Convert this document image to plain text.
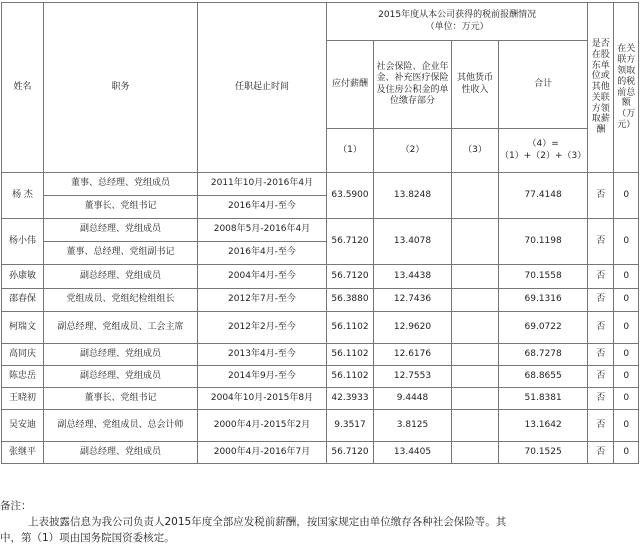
姓名	职务	任职起止时间	2015年度从本公司获得的税前报酬情况
（单位：万元）				是否在股东单位或其他关联方领取薪酬	在关联方领取的税前总额（万元）
			应付薪酬	社会保险、企业年金、补充医疗保险及住房公积金的单位缴存部分	其他货币性收入	合计		
			（1）	（2）	（3）	（4）=（1）+（2）+（3）		
杨 杰	董事、总经理、党组成员	2011年10月-2016年4月	63.5900	13.8248		77.4148	否	0
	董事长、党组书记	2016年4月-至今						
杨小伟	副总经理、党组成员	2008年5月-2016年4月	56.7120	13.4078		70.1198	否	0
	董事、总经理、党组副书记	2016年4月-至今						
孙康敏	副总经理、党组成员	2004年4月-至今	56.7120	13.4438		70.1558	否	0
邵春保	党组成员、党组纪检组组长	2012年7月-至今	56.3880	12.7436		69.1316	否	0
柯瑞文	副总经理、党组成员、工会主席	2012年2月-至今	56.1102	12.9620		69.0722	否	0
高同庆	副总经理、党组成员	2013年4月-至今	56.1102	12.6176		68.7278	否	0
陈忠岳	副总经理、党组成员	2014年9月-至今	56.1102	12.7553		68.8655	否	0
王晓初	董事长、党组书记	2004年10月-2015年8月	42.3933	9.4448		51.8381	否	0
吴安迪	副总经理、党组成员、总会计师	2000年4月-2015年2月	9.3517	3.8125		13.1642	否	0
张继平	副总经理、党组成员	2000年4月-2016年7月	56.7120	13.4405		70.1525	否	0
备注：
上表披露信息为我公司负责人2015年度全部应发税前薪酬，按国家规定由单位缴存各种社会保险等。其
中，第（1）项由国务院国资委核定。
